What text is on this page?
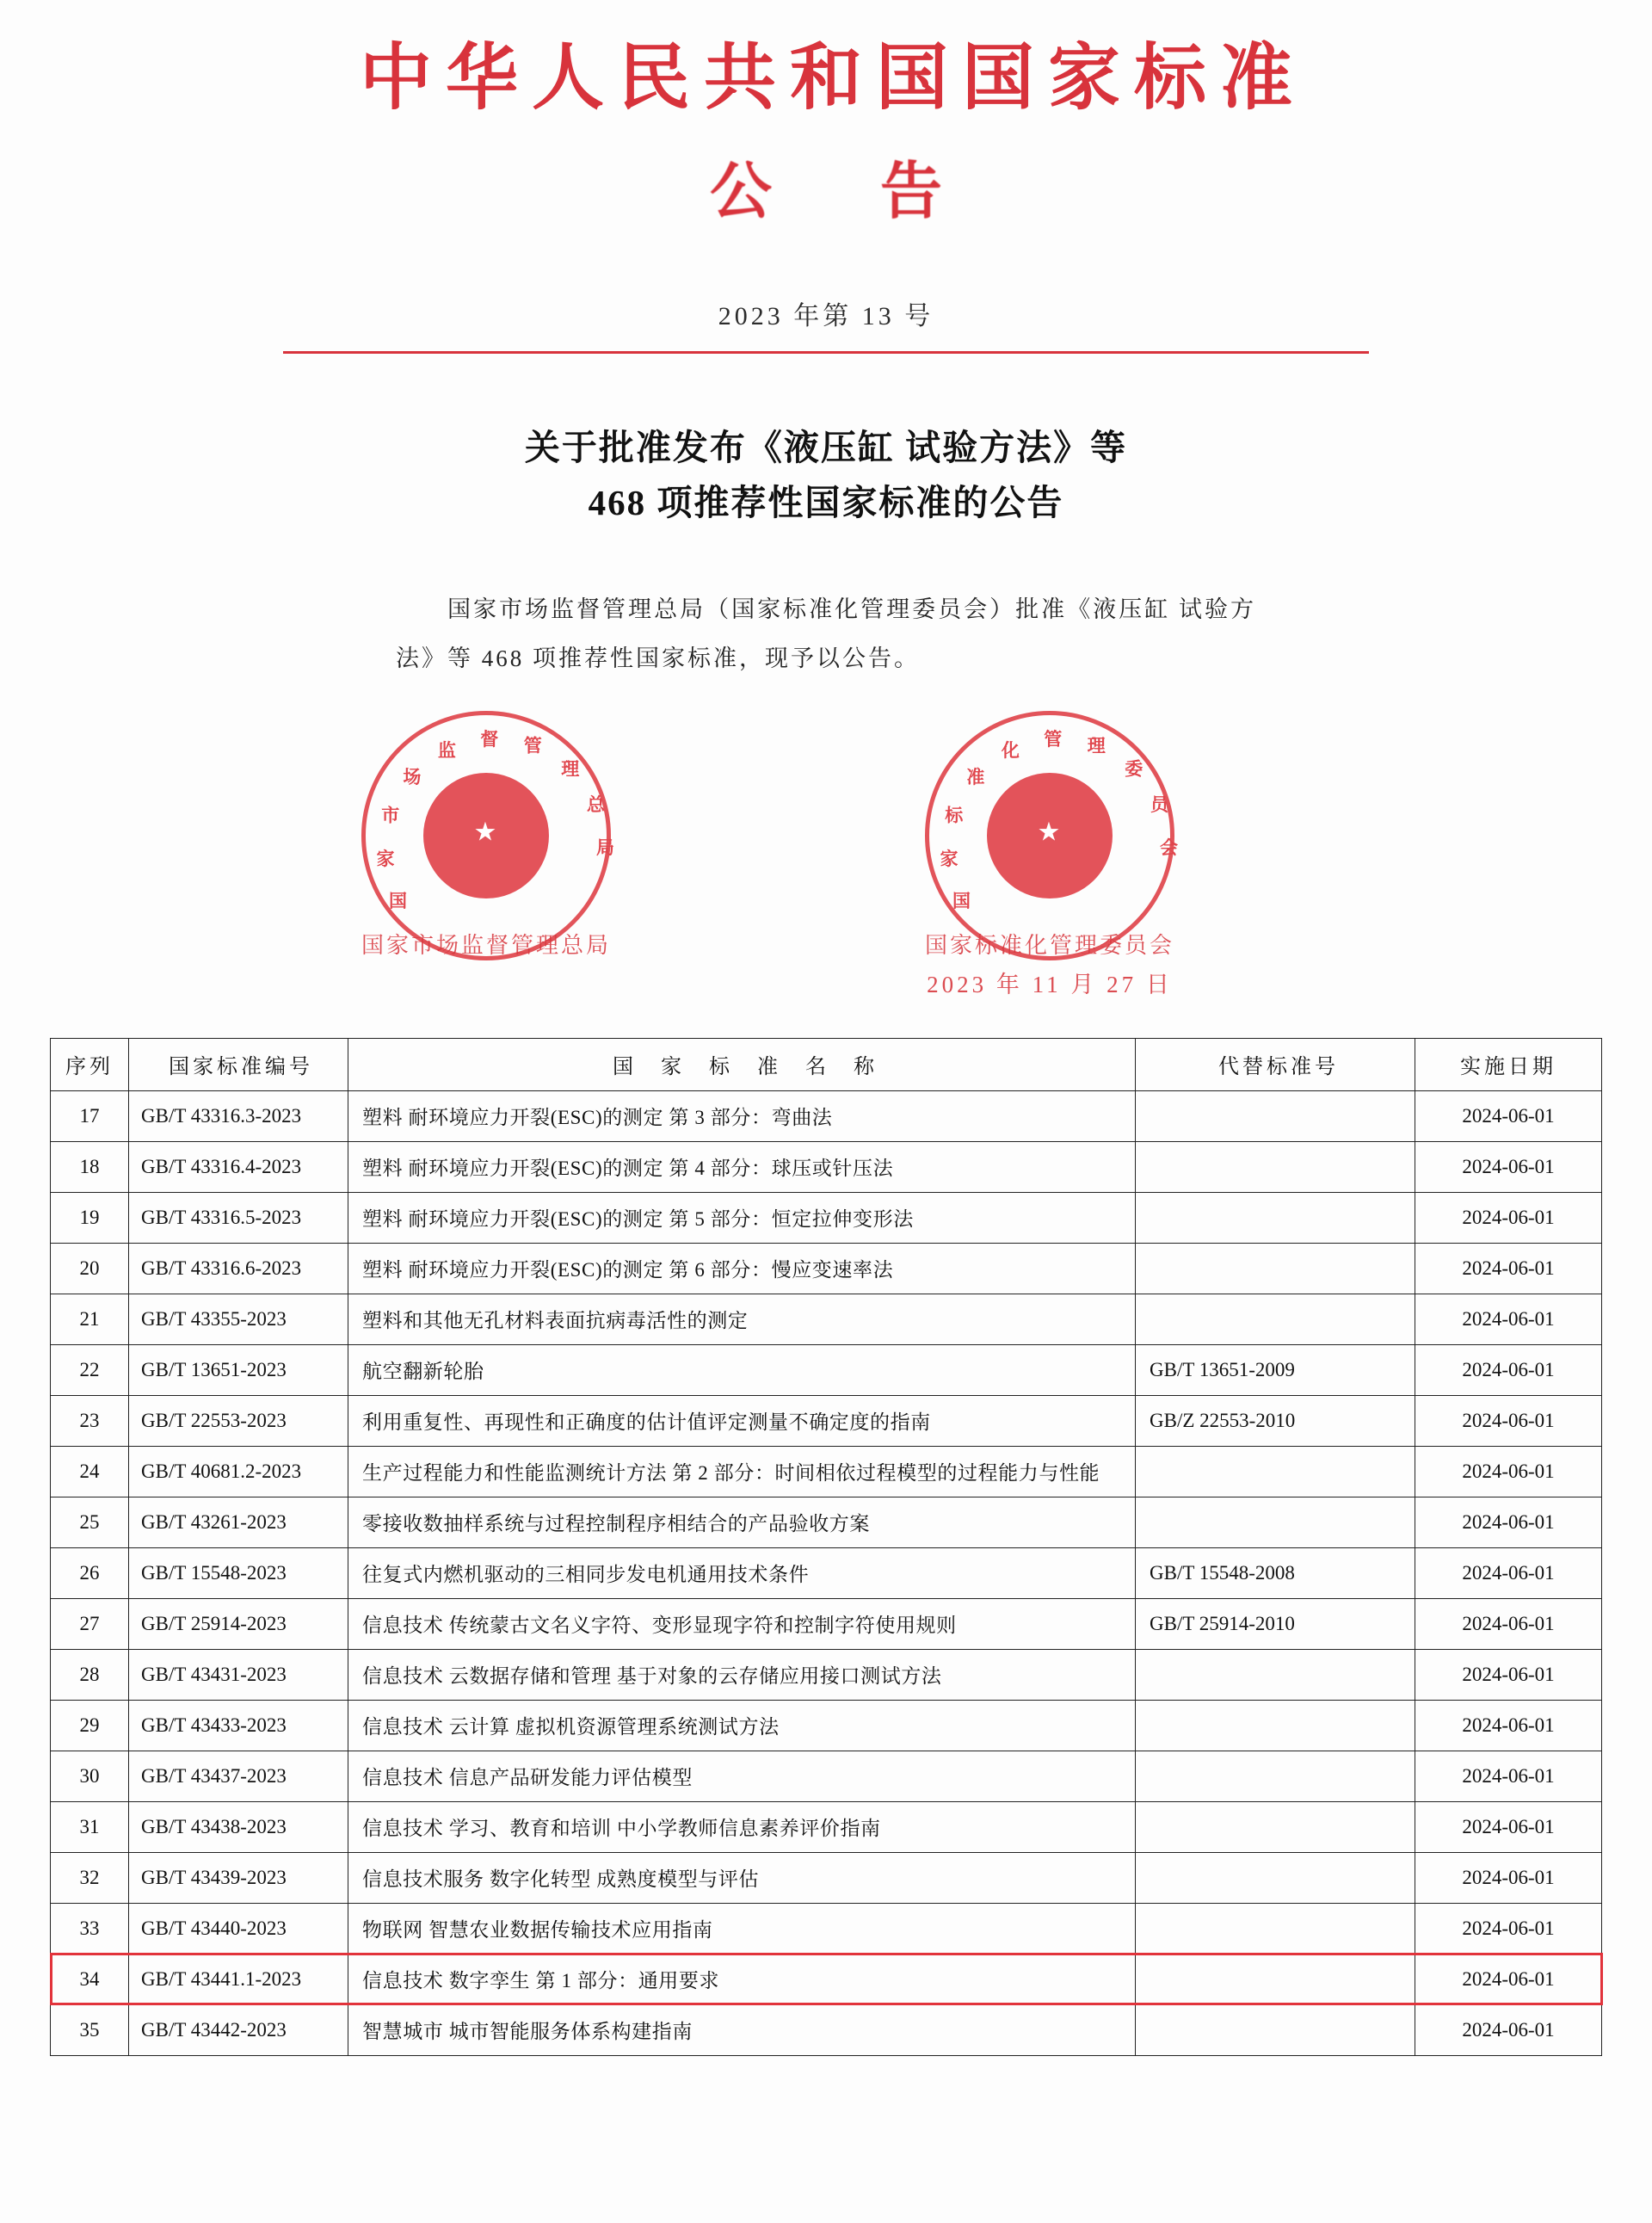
中华人民共和国国家标准
公 告
2023 年第 13 号
关于批准发布《液压缸 试验方法》等
468 项推荐性国家标准的公告
国家市场监督管理总局（国家标准化管理委员会）批准《液压缸 试验方法》等 468 项推荐性国家标准，现予以公告。
国
家
市
场
监
督 管
理
总
局
★
国家市场监督管理总局
国
家
标
准
化
管 理
委
员
会
★
国家标准化管理委员会
2023 年 11 月 27 日
序列	国家标准编号	国　家　标　准　名　称	代替标准号	实施日期
17	GB/T 43316.3-2023	塑料 耐环境应力开裂(ESC)的测定 第 3 部分：弯曲法		2024-06-01
18	GB/T 43316.4-2023	塑料 耐环境应力开裂(ESC)的测定 第 4 部分：球压或针压法		2024-06-01
19	GB/T 43316.5-2023	塑料 耐环境应力开裂(ESC)的测定 第 5 部分：恒定拉伸变形法		2024-06-01
20	GB/T 43316.6-2023	塑料 耐环境应力开裂(ESC)的测定 第 6 部分：慢应变速率法		2024-06-01
21	GB/T 43355-2023	塑料和其他无孔材料表面抗病毒活性的测定		2024-06-01
22	GB/T 13651-2023	航空翻新轮胎	GB/T 13651-2009	2024-06-01
23	GB/T 22553-2023	利用重复性、再现性和正确度的估计值评定测量不确定度的指南	GB/Z 22553-2010	2024-06-01
24	GB/T 40681.2-2023	生产过程能力和性能监测统计方法 第 2 部分：时间相依过程模型的过程能力与性能		2024-06-01
25	GB/T 43261-2023	零接收数抽样系统与过程控制程序相结合的产品验收方案		2024-06-01
26	GB/T 15548-2023	往复式内燃机驱动的三相同步发电机通用技术条件	GB/T 15548-2008	2024-06-01
27	GB/T 25914-2023	信息技术 传统蒙古文名义字符、变形显现字符和控制字符使用规则	GB/T 25914-2010	2024-06-01
28	GB/T 43431-2023	信息技术 云数据存储和管理 基于对象的云存储应用接口测试方法		2024-06-01
29	GB/T 43433-2023	信息技术 云计算 虚拟机资源管理系统测试方法		2024-06-01
30	GB/T 43437-2023	信息技术 信息产品研发能力评估模型		2024-06-01
31	GB/T 43438-2023	信息技术 学习、教育和培训 中小学教师信息素养评价指南		2024-06-01
32	GB/T 43439-2023	信息技术服务 数字化转型 成熟度模型与评估		2024-06-01
33	GB/T 43440-2023	物联网 智慧农业数据传输技术应用指南		2024-06-01
34	GB/T 43441.1-2023	信息技术 数字孪生 第 1 部分：通用要求		2024-06-01
35	GB/T 43442-2023	智慧城市 城市智能服务体系构建指南		2024-06-01
